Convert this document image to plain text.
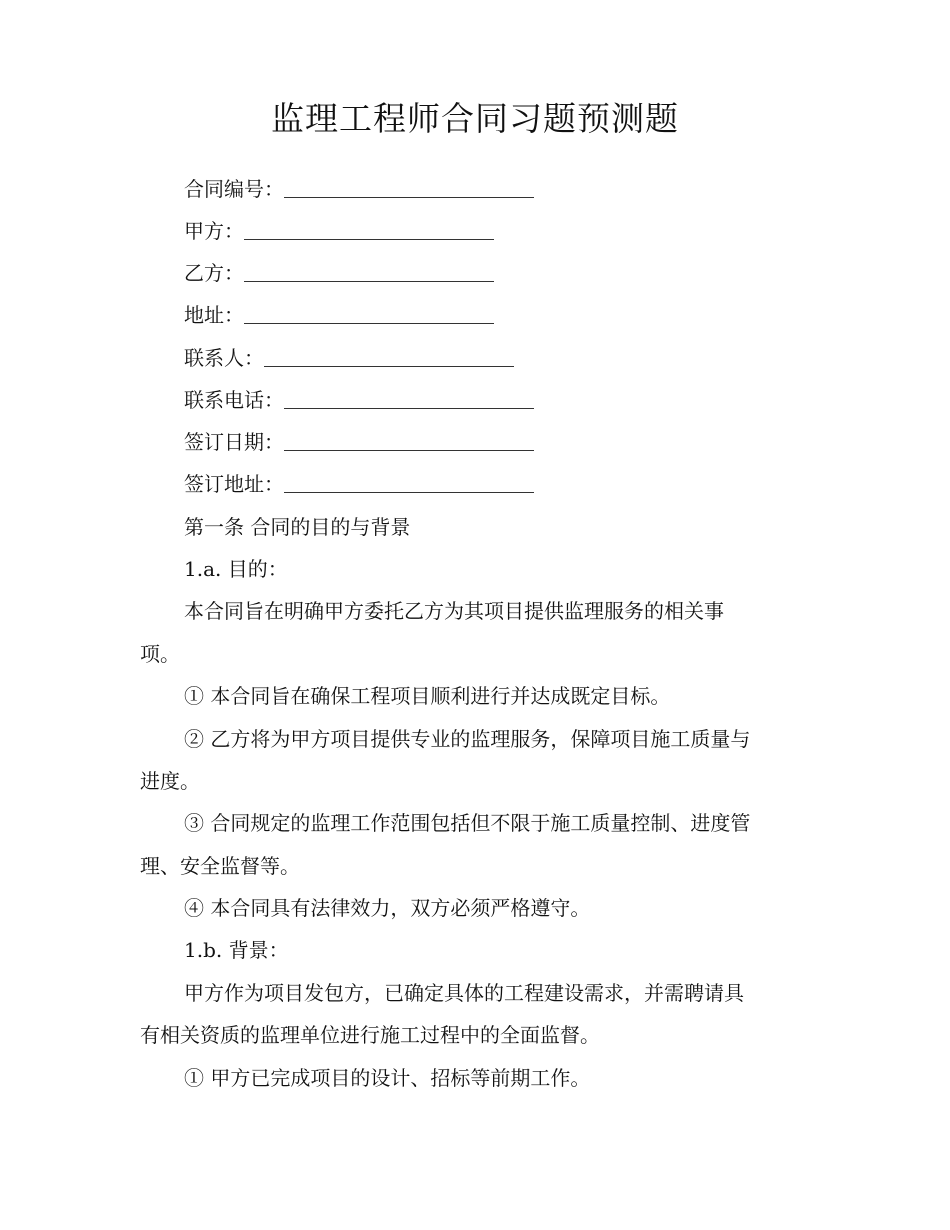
监理工程师合同习题预测题
合同编号：
甲方：
乙方：
地址：
联系人：
联系电话：
签订日期：
签订地址：
第一条 合同的目的与背景
1.a. 目的：
本合同旨在明确甲方委托乙方为其项目提供监理服务的相关事
项。
① 本合同旨在确保工程项目顺利进行并达成既定目标。
② 乙方将为甲方项目提供专业的监理服务，保障项目施工质量与
进度。
③ 合同规定的监理工作范围包括但不限于施工质量控制、进度管
理、安全监督等。
④ 本合同具有法律效力，双方必须严格遵守。
1.b. 背景：
甲方作为项目发包方，已确定具体的工程建设需求，并需聘请具
有相关资质的监理单位进行施工过程中的全面监督。
① 甲方已完成项目的设计、招标等前期工作。
